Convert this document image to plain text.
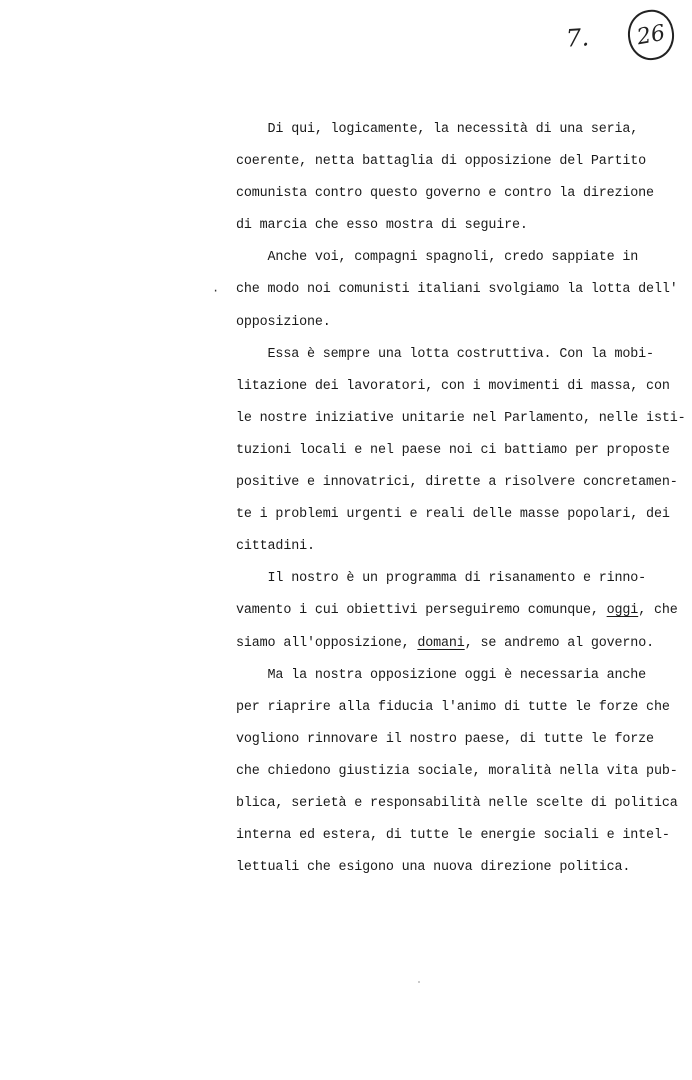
7.	26
·
Di qui, logicamente, la necessità di una seria,
coerente, netta battaglia di opposizione del Partito
comunista contro questo governo e contro la direzione
di marcia che esso mostra di seguire.
Anche voi, compagni spagnoli, credo sappiate in
che modo noi comunisti italiani svolgiamo la lotta dell'
opposizione.
Essa è sempre una lotta costruttiva. Con la mobi-
litazione dei lavoratori, con i movimenti di massa, con
le nostre iniziative unitarie nel Parlamento, nelle isti-
tuzioni locali e nel paese noi ci battiamo per proposte
positive e innovatrici, dirette a risolvere concretamen-
te i problemi urgenti e reali delle masse popolari, dei
cittadini.
Il nostro è un programma di risanamento e rinno-
vamento i cui obiettivi perseguiremo comunque, oggi, che
siamo all'opposizione, domani, se andremo al governo.
Ma la nostra opposizione oggi è necessaria anche
per riaprire alla fiducia l'animo di tutte le forze che
vogliono rinnovare il nostro paese, di tutte le forze
che chiedono giustizia sociale, moralità nella vita pub-
blica, serietà e responsabilità nelle scelte di politica
interna ed estera, di tutte le energie sociali e intel-
lettuali che esigono una nuova direzione politica.
